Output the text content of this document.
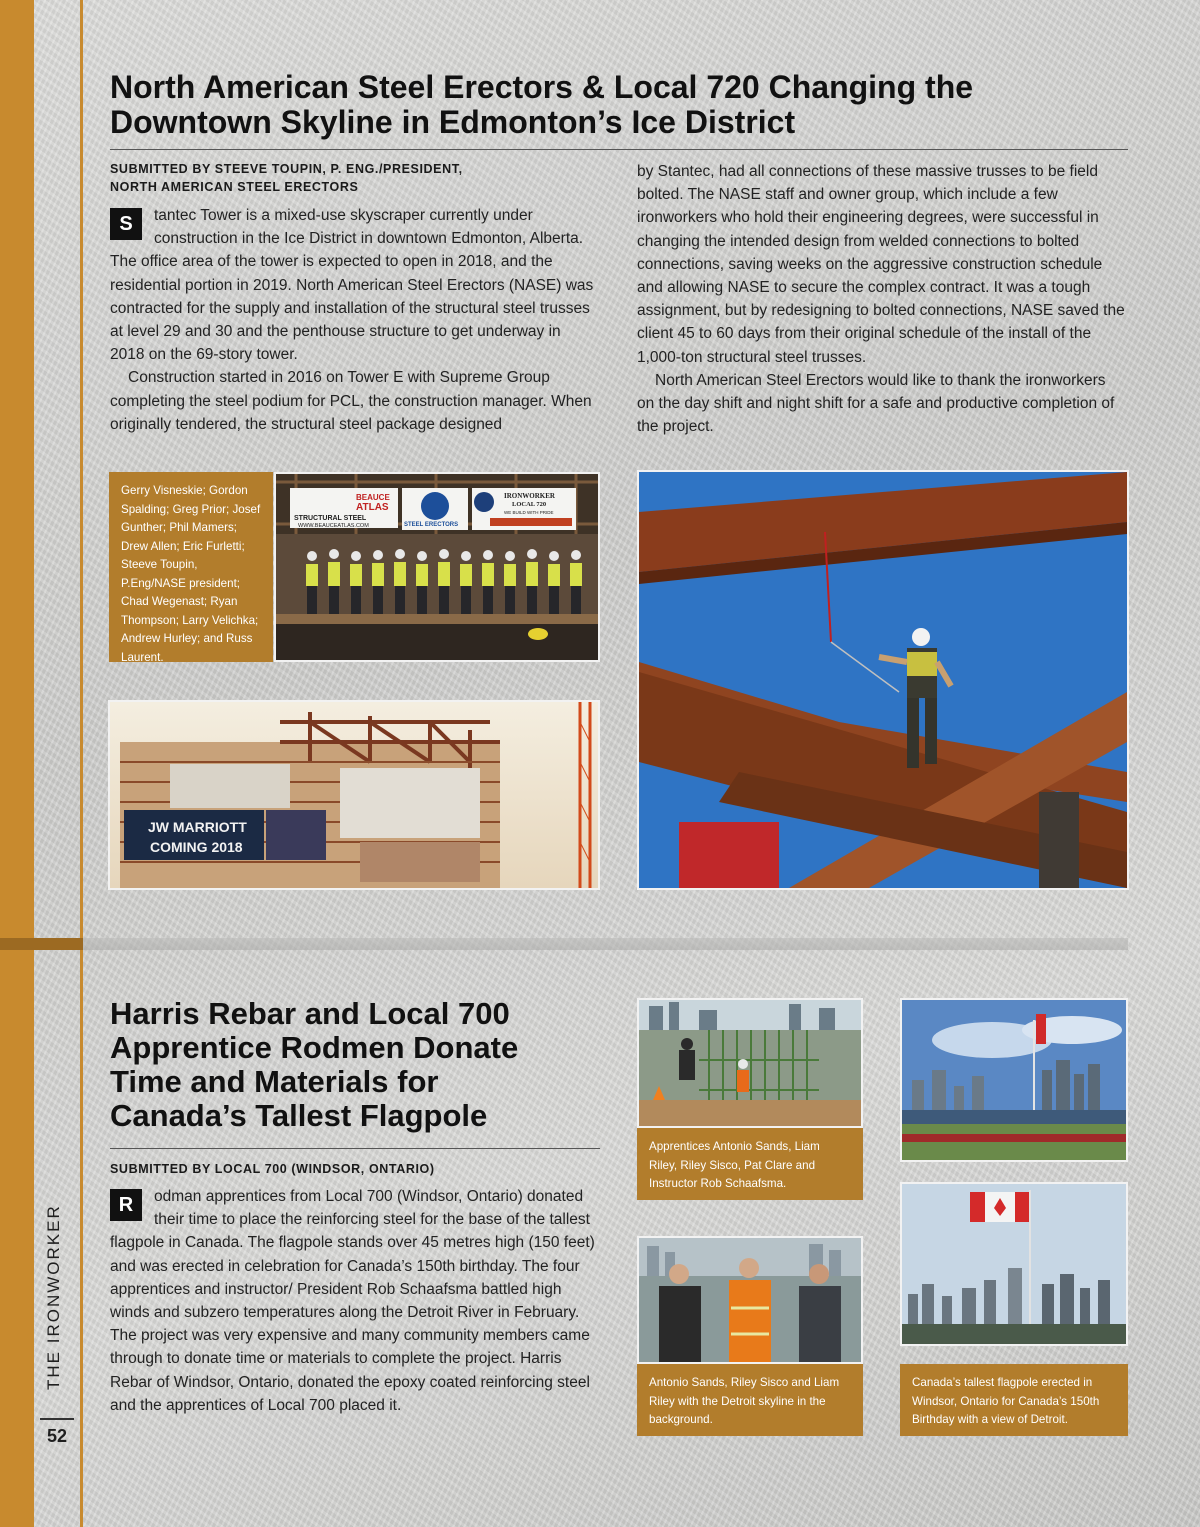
THE IRONWORKER
52
North American Steel Erectors & Local 720 Changing the Downtown Skyline in Edmonton’s Ice District
SUBMITTED BY STEEVE TOUPIN, P. ENG./PRESIDENT,
NORTH AMERICAN STEEL ERECTORS

S	tantec Tower is a mixed-use skyscraper currently under construction in the Ice District in downtown Edmonton, Alberta. The office area of the tower is expected to open in 2018, and the residential portion in 2019. North American Steel Erectors (NASE) was contracted for the supply and installation of the structural steel trusses at level 29 and 30 and the penthouse structure to get underway in 2018 on the 69-story tower.

Construction started in 2016 on Tower E with Supreme Group completing the steel podium for PCL, the construction manager. When originally tendered, the structural steel package designed

by Stantec, had all connections of these massive trusses to be field bolted. The NASE staff and owner group, which include a few ironworkers who hold their engineering degrees, were successful in changing the intended design from welded connections to bolted connections, saving weeks on the aggressive construction schedule and allowing NASE to secure the complex contract. It was a tough assignment, but by redesigning to bolted connections, NASE saved the client 45 to 60 days from their original schedule of the install of the 1,000-ton structural steel trusses.

North American Steel Erectors would like to thank the ironworkers on the day shift and night shift for a safe and productive completion of the project.

Gerry Visneskie; Gordon Spalding; Greg Prior; Josef Gunther; Phil Mamers; Drew Allen; Eric Furletti; Steeve Toupin, P.Eng/NASE president; Chad Wegenast; Ryan Thompson; Larry Velichka; Andrew Hurley; and Russ Laurent.
BEAUCE
ATLAS
STRUCTURAL STEEL
WWW.BEAUCEATLAS.COM	STEEL ERECTORS
IRONWORKER
LOCAL 720
WE BUILD WITH PRIDE
JW MARRIOTT
COMING 2018
Harris Rebar and Local 700
Apprentice Rodmen Donate
Time and Materials for
Canada’s Tallest Flagpole
SUBMITTED BY LOCAL 700 (WINDSOR, ONTARIO)

R	odman apprentices from Local 700 (Windsor, Ontario) donated their time to place the reinforcing steel for the base of the tallest flagpole in Canada. The flagpole stands over 45 metres high (150 feet) and was erected in celebration for Canada’s 150th birthday. The four apprentices and instructor/ President Rob Schaafsma battled high winds and subzero temperatures along the Detroit River in February. The project was very expensive and many community members came through to donate time or materials to complete the project. Harris Rebar of Windsor, Ontario, donated the epoxy coated reinforcing steel and the apprentices of Local 700 placed it.

Apprentices Antonio Sands, Liam Riley, Riley Sisco, Pat Clare and Instructor Rob Schaafsma.
Antonio Sands, Riley Sisco and Liam Riley with the Detroit skyline in the background.
Canada’s tallest flagpole erected in Windsor, Ontario for Canada’s 150th Birthday with a view of Detroit.
